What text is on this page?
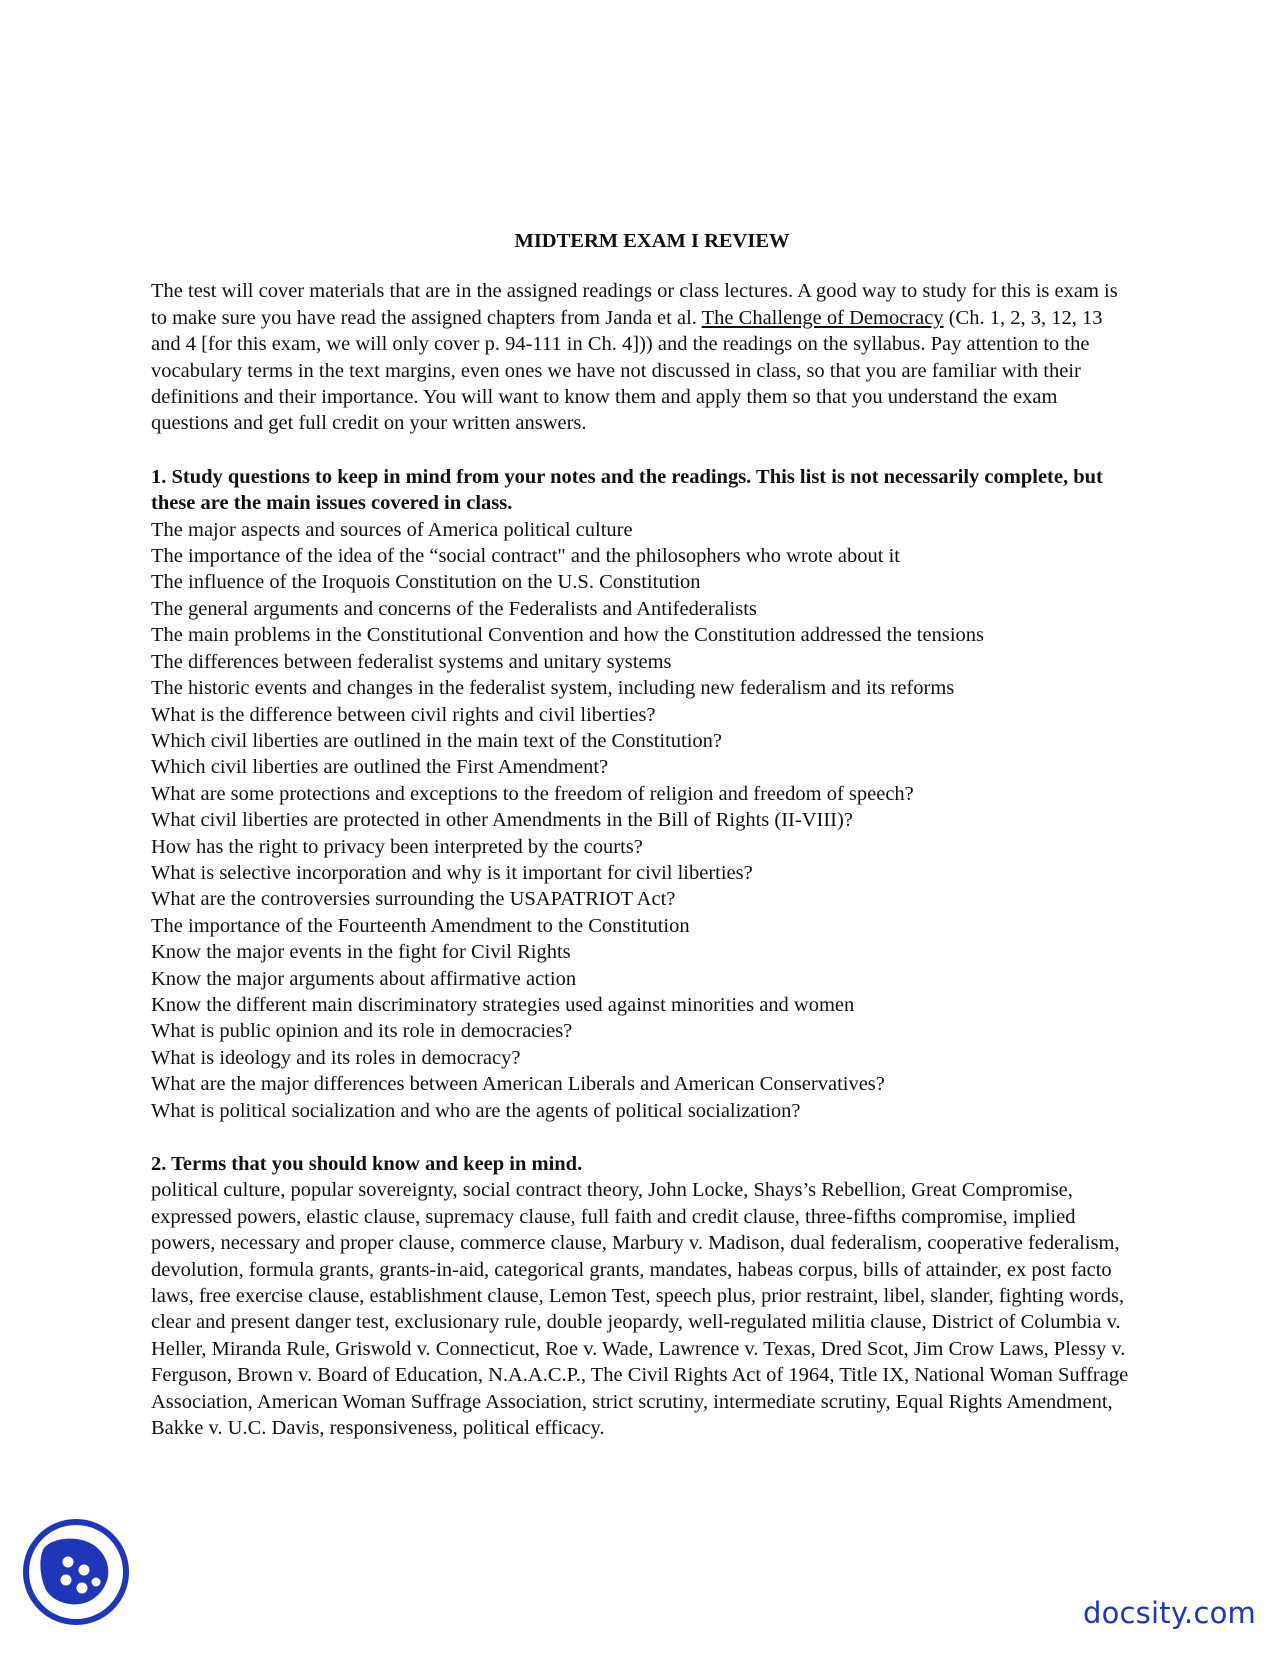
MIDTERM EXAM I REVIEW

The test will cover materials that are in the assigned readings or class lectures. A good way to study for this is exam is to make sure you have read the assigned chapters from Janda et al. The Challenge of Democracy (Ch. 1, 2, 3, 12, 13 and 4 [for this exam, we will only cover p. 94-111 in Ch. 4])) and the readings on the syllabus. Pay attention to the vocabulary terms in the text margins, even ones we have not discussed in class, so that you are familiar with their definitions and their importance. You will want to know them and apply them so that you understand the exam questions and get full credit on your written answers.

1. Study questions to keep in mind from your notes and the readings. This list is not necessarily complete, but these are the main issues covered in class.

The major aspects and sources of America political culture
The importance of the idea of the “social contract" and the philosophers who wrote about it
The influence of the Iroquois Constitution on the U.S. Constitution
The general arguments and concerns of the Federalists and Antifederalists
The main problems in the Constitutional Convention and how the Constitution addressed the tensions
The differences between federalist systems and unitary systems
The historic events and changes in the federalist system, including new federalism and its reforms
What is the difference between civil rights and civil liberties?
Which civil liberties are outlined in the main text of the Constitution?
Which civil liberties are outlined the First Amendment?
What are some protections and exceptions to the freedom of religion and freedom of speech?
What civil liberties are protected in other Amendments in the Bill of Rights (II-VIII)?
How has the right to privacy been interpreted by the courts?
What is selective incorporation and why is it important for civil liberties?
What are the controversies surrounding the USAPATRIOT Act?
The importance of the Fourteenth Amendment to the Constitution
Know the major events in the fight for Civil Rights
Know the major arguments about affirmative action
Know the different main discriminatory strategies used against minorities and women
What is public opinion and its role in democracies?
What is ideology and its roles in democracy?
What are the major differences between American Liberals and American Conservatives?
What is political socialization and who are the agents of political socialization?

2. Terms that you should know and keep in mind.

political culture, popular sovereignty, social contract theory, John Locke, Shays’s Rebellion, Great Compromise, expressed powers, elastic clause, supremacy clause, full faith and credit clause, three-fifths compromise, implied powers, necessary and proper clause, commerce clause, Marbury v. Madison, dual federalism, cooperative federalism, devolution, formula grants, grants-in-aid, categorical grants, mandates, habeas corpus, bills of attainder, ex post facto laws, free exercise clause, establishment clause, Lemon Test, speech plus, prior restraint, libel, slander, fighting words, clear and present danger test, exclusionary rule, double jeopardy, well-regulated militia clause, District of Columbia v. Heller, Miranda Rule, Griswold v. Connecticut, Roe v. Wade, Lawrence v. Texas, Dred Scot, Jim Crow Laws, Plessy v. Ferguson, Brown v. Board of Education, N.A.A.C.P., The Civil Rights Act of 1964, Title IX, National Woman Suffrage Association, American Woman Suffrage Association, strict scrutiny, intermediate scrutiny, Equal Rights Amendment, Bakke v. U.C. Davis, responsiveness, political efficacy.

docsity.com
